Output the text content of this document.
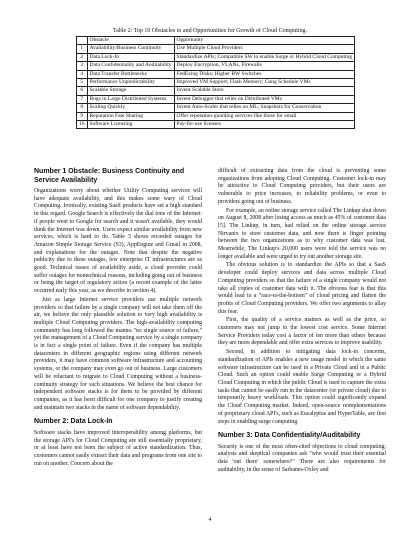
Table 2: Top 10 Obstacles to and Opportunities for Growth of Cloud Computing.
	Obstacle	Opportunity
1	Availability/Business Continuity	Use Multiple Cloud Providers
2	Data Lock-In	Standardize APIs; Compatible SW to enable Surge or Hybrid Cloud Computing
3	Data Confidentiality and Auditability	Deploy Encryption, VLANs, Firewalls
4	Data Transfer Bottlenecks	FedExing Disks; Higher BW Switches
5	Performance Unpredictability	Improved VM Support; Flash Memory; Gang Schedule VMs
6	Scalable Storage	Invent Scalable Store
7	Bugs in Large Distributed Systems	Invent Debugger that relies on Distributed VMs
8	Scaling Quickly	Invent Auto-Scaler that relies on ML; Snapshots for Conservation
9	Reputation Fate Sharing	Offer reputation-guarding services like those for email
10	Software Licensing	Pay-for-use licenses
Number 1 Obstacle: Business Continuity and Service Availability

Organizations worry about whether Utility Computing services will have adequate availability, and this makes some wary of Cloud Computing. Ironically, existing SaaS products have set a high standard in this regard. Google Search is effectively the dial tone of the Internet: if people went to Google for search and it wasn't available, they would think the Internet was down. Users expect similar availability from new services, which is hard to do. Table 3 shows recorded outages for Amazon Simple Storage Service (S3), AppEngine and Gmail in 2008, and explanations for the outages. Note that despite the negative publicity due to these outages, few enterprise IT infrastructures are as good. Technical issues of availability aside, a cloud provider could suffer outages for nontechnical reasons, including going out of business or being the target of regulatory action (a recent example of the latter occurred early this year, as we describe in section 4).

Just as large Internet service providers use multiple network providers so that failure by a single company will not take them off the air, we believe the only plausible solution to very high availability is multiple Cloud Computing providers. The high-availability computing community has long followed the mantra "no single source of failure," yet the management of a Cloud Computing service by a single company is in fact a single point of failure. Even if the company has multiple datacenters in different geographic regions using different network providers, it may have common software infrastructure and accounting systems, or the company may even go out of business. Large customers will be reluctant to migrate to Cloud Computing without a business-continuity strategy for such situations. We believe the best chance for independent software stacks is for them to be provided by different companies, as it has been difficult for one company to justify creating and maintain two stacks in the name of software dependability.

Number 2: Data Lock-In

Software stacks have improved interoperability among platforms, but the storage API's for Cloud Computing are still essentially proprietary, or at least have not been the subject of active standardization. Thus, customers cannot easily extract their data and programs from one site to run on another. Concern about the

difficult of extracting data from the cloud is preventing some organizations from adopting Cloud Computing. Customer lock-in may be attractive to Cloud Computing providers, but their users are vulnerable to price increases, to reliability problems, or even to providers going out of business.

For example, an online storage service called The Linkup shut down on August 8, 2008 after losing access as much as 45% of customer data [5]. The Linkup, in turn, had relied on the online storage service Nirvanix to store customer data, and now there is finger pointing between the two organizations as to why customer data was lost. Meanwhile, The Linkup's 20,000 users were told the service was no longer available and were urged to try out another storage site.

The obvious solution is to standardize the APIs so that a SaaS developer could deploy services and data across multiple Cloud Computing providers so that the failure of a single company would not take all copies of customer data with it. The obvious fear is that this would lead to a "race-to-the-bottom" of cloud pricing and flatten the profits of Cloud Computing providers. We offer two arguments to allay this fear.

First, the quality of a service matters as well as the price, so customers may not jump to the lowest cost service. Some Internet Service Providers today cost a factor of ten more than others because they are more dependable and offer extra services to improve usability.

Second, in addition to mitigating data lock-in concerns, standardization of APIs enables a new usage model in which the same software infrastructure can be used in a Private Cloud and in a Public Cloud. Such an option could enable Surge Computing or a Hybrid Cloud Computing in which the public Cloud is used to capture the extra tasks that cannot be easily run in the datacenter (or private cloud) due to temporarily heavy workloads. This option could significantly expand the Cloud Computing market. Indeed, open-source reimplementations of proprietary cloud API's, such as Eucalyptus and HyperTable, are first steps in enabling surge computing.

Number 3: Data Confidentiality/Auditability

Security is one of the most often-cited objections to cloud computing; analysts and skeptical companies ask "who would trust their essential data 'out there' somewhere?" There are also requirements for auditability, in the sense of Sarbanes-Oxley and

4
